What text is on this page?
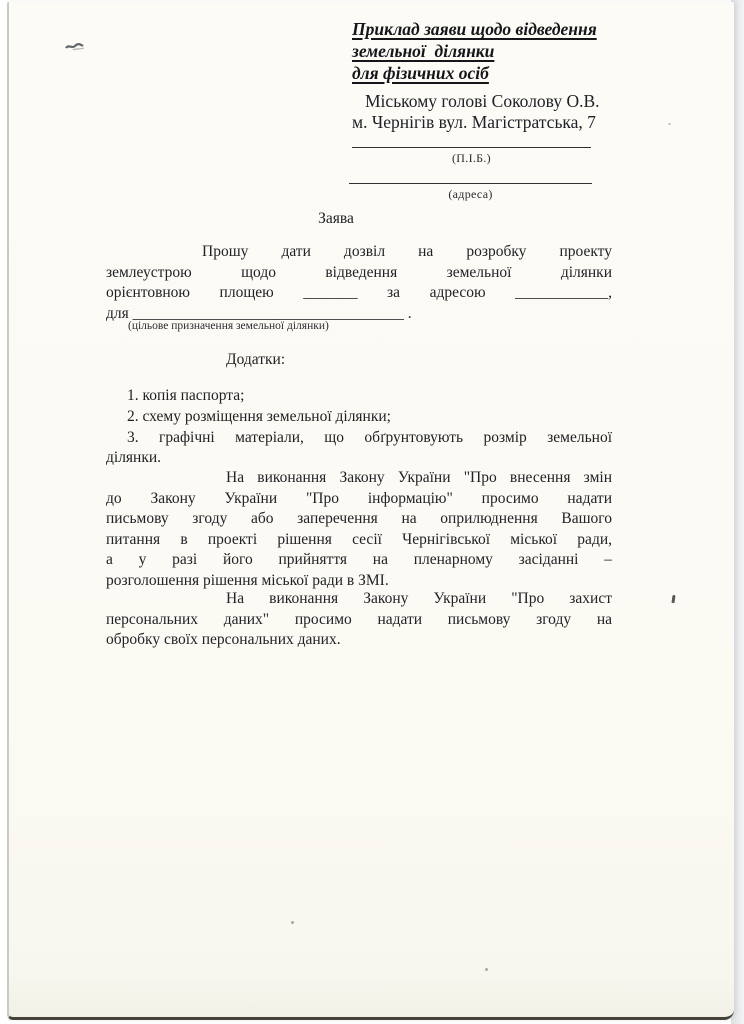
Приклад заяви щодо відведення
земельної  ділянки
для фізичних осіб
Міському голові Соколову О.В.
м. Чернігів вул. Магістратська, 7
(П.І.Б.)
(адреса)
Заява
Прошу дати дозвіл на розробку проекту
землеустрою щодо відведення земельної ділянки
орієнтовною площею _______ за адресою ____________,
для ___________________________________ .
(цільове призначення земельної ділянки)
Додатки:
1. копія паспорта;
2. схему розміщення земельної ділянки;
3. графічні матеріали, що обґрунтовують розмір земельної
ділянки.
На виконання Закону України "Про внесення змін
до Закону України "Про інформацію" просимо надати
письмову згоду або заперечення на оприлюднення Вашого
питання в проекті рішення сесії Чернігівської міської ради,
а у разі його прийняття на пленарному засіданні –
розголошення рішення міської ради в ЗМІ.
На виконання Закону України "Про захист
персональних даних" просимо надати письмову згоду на
обробку своїх персональних даних.
